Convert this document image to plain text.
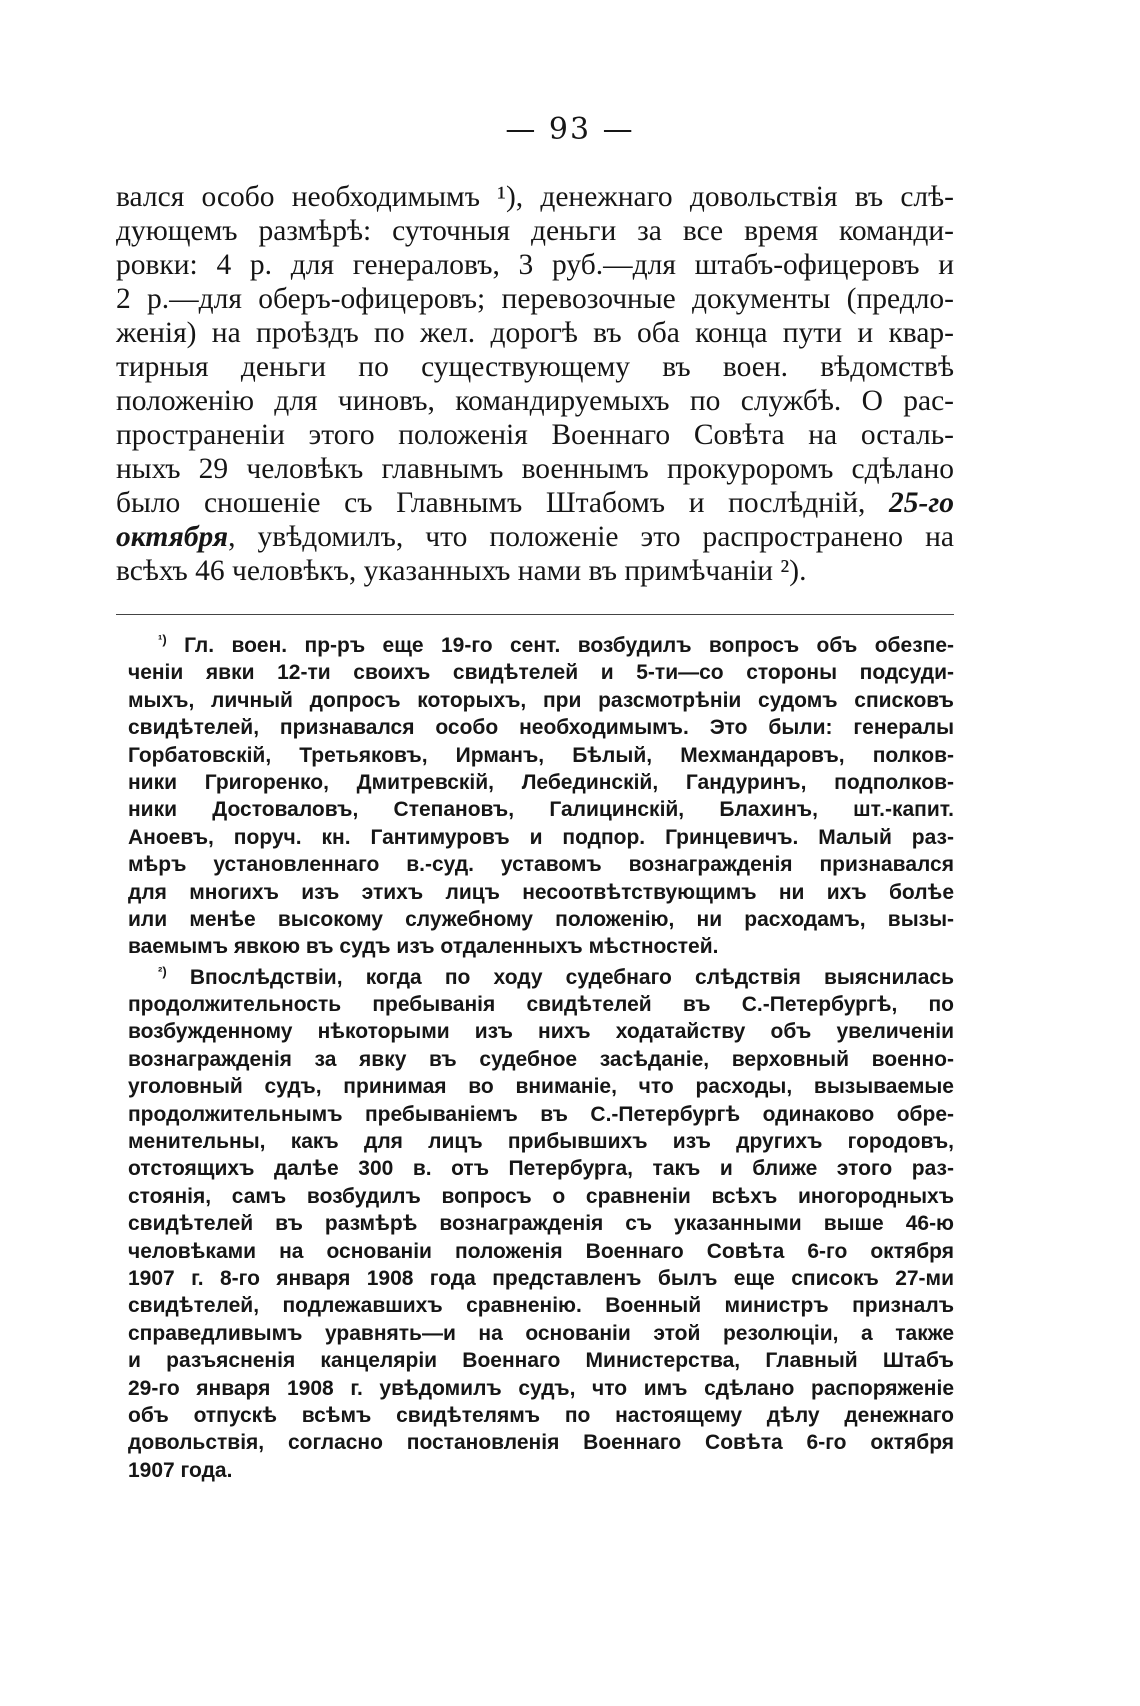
— 93 —
вался особо необходимымъ ¹), денежнаго довольствія въ слѣ-
дующемъ размѣрѣ: суточныя деньги за все время команди-
ровки: 4 р. для генераловъ, 3 руб.—для штабъ-офицеровъ и
2 р.—для оберъ-офицеровъ; перевозочные документы (предло-
женія) на проѣздъ по жел. дорогѣ въ оба конца пути и квар-
тирныя деньги по существующему въ воен. вѣдомствѣ
положенію для чиновъ, командируемыхъ по службѣ. О рас-
пространеніи этого положенія Военнаго Совѣта на осталь-
ныхъ 29 человѣкъ главнымъ военнымъ прокуроромъ сдѣлано
было сношеніе съ Главнымъ Штабомъ и послѣдній, 25-го
октября, увѣдомилъ, что положеніе это распространено на
всѣхъ 46 человѣкъ, указанныхъ нами въ примѣчаніи ²).
$^{^1)}$ Гл. воен. пр-ръ еще 19-го сент. возбудилъ вопросъ объ обезпе-
ченіи явки 12-ти своихъ свидѣтелей и 5-ти—со стороны подсуди-
мыхъ, личный допросъ которыхъ, при разсмотрѣніи судомъ списковъ
свидѣтелей, признавался особо необходимымъ. Это были: генералы
Горбатовскій, Третьяковъ, Ирманъ, Бѣлый, Мехмандаровъ, полков-
ники Григоренко, Дмитревскій, Лебединскій, Гандуринъ, подполков-
ники Достоваловъ, Степановъ, Галицинскій, Блахинъ, шт.-капит.
Аноевъ, поруч. кн. Гантимуровъ и подпор. Гринцевичъ. Малый раз-
мѣръ установленнаго в.-суд. уставомъ вознагражденія признавался
для многихъ изъ этихъ лицъ несоотвѣтствующимъ ни ихъ болѣе
или менѣе высокому служебному положенію, ни расходамъ, вызы-
ваемымъ явкою въ судъ изъ отдаленныхъ мѣстностей.
$^{^2)}$ Впослѣдствіи, когда по ходу судебнаго слѣдствія выяснилась
продолжительность пребыванія свидѣтелей въ С.-Петербургѣ, по
возбужденному нѣкоторыми изъ нихъ ходатайству объ увеличеніи
вознагражденія за явку въ судебное засѣданіе, верховный военно-
уголовный судъ, принимая во вниманіе, что расходы, вызываемые
продолжительнымъ пребываніемъ въ С.-Петербургѣ одинаково обре-
менительны, какъ для лицъ прибывшихъ изъ другихъ городовъ,
отстоящихъ далѣе 300 в. отъ Петербурга, такъ и ближе этого раз-
стоянія, самъ возбудилъ вопросъ о сравненіи всѣхъ иногородныхъ
свидѣтелей въ размѣрѣ вознагражденія съ указанными выше 46-ю
человѣками на основаніи положенія Военнаго Совѣта 6-го октября
1907 г. 8-го января 1908 года представленъ былъ еще списокъ 27-ми
свидѣтелей, подлежавшихъ сравненію. Военный министръ призналъ
справедливымъ уравнять—и на основаніи этой резолюціи, а также
и разъясненія канцеляріи Военнаго Министерства, Главный Штабъ
29-го января 1908 г. увѣдомилъ судъ, что имъ сдѣлано распоряженіе
объ отпускѣ всѣмъ свидѣтелямъ по настоящему дѣлу денежнаго
довольствія, согласно постановленія Военнаго Совѣта 6-го октября
1907 года.
